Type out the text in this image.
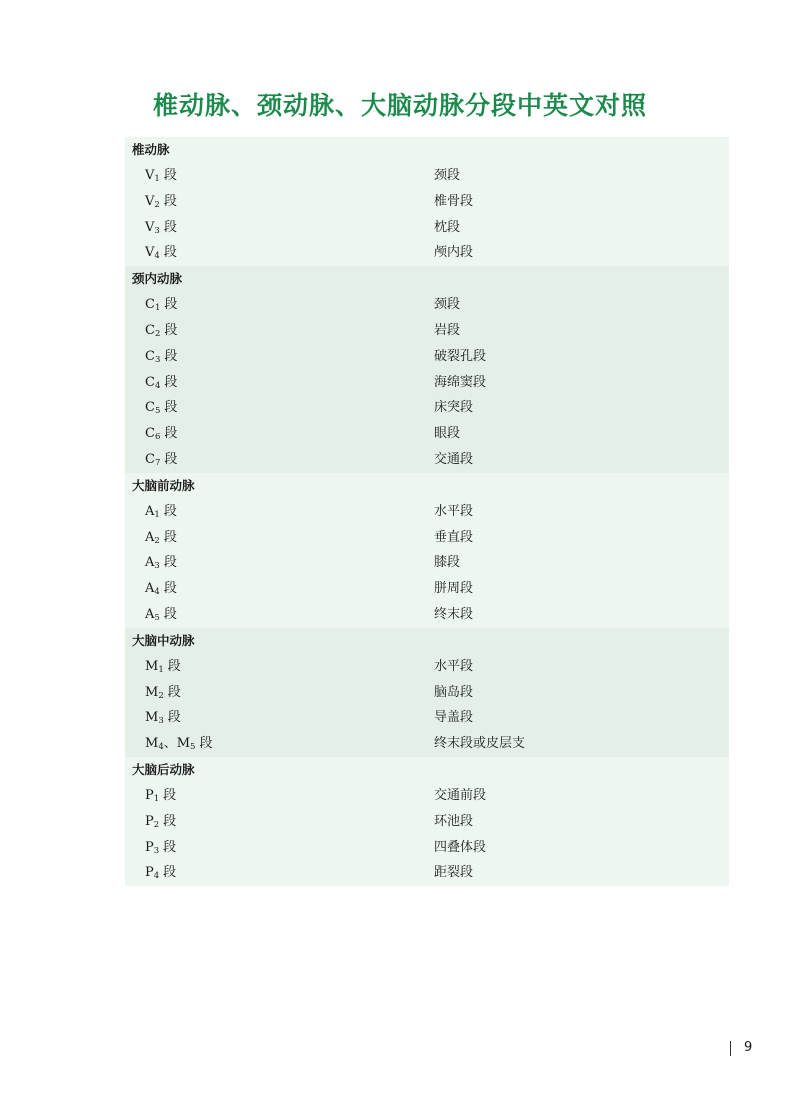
椎动脉、颈动脉、大脑动脉分段中英文对照
椎动脉
$V_1$ 段	颈段
$V_2$ 段	椎骨段
$V_3$ 段	枕段
$V_4$ 段	颅内段
颈内动脉
$C_1$ 段	颈段
$C_2$ 段	岩段
$C_3$ 段	破裂孔段
$C_4$ 段	海绵窦段
$C_5$ 段	床突段
$C_6$ 段	眼段
$C_7$ 段	交通段
大脑前动脉
$A_1$ 段	水平段
$A_2$ 段	垂直段
$A_3$ 段	膝段
$A_4$ 段	胼周段
$A_5$ 段	终末段
大脑中动脉
$M_1$ 段	水平段
$M_2$ 段	脑岛段
$M_3$ 段	导盖段
$M_4$、$M_5$ 段	终末段或皮层支
大脑后动脉
$P_1$ 段	交通前段
$P_2$ 段	环池段
$P_3$ 段	四叠体段
$P_4$ 段	距裂段
9
